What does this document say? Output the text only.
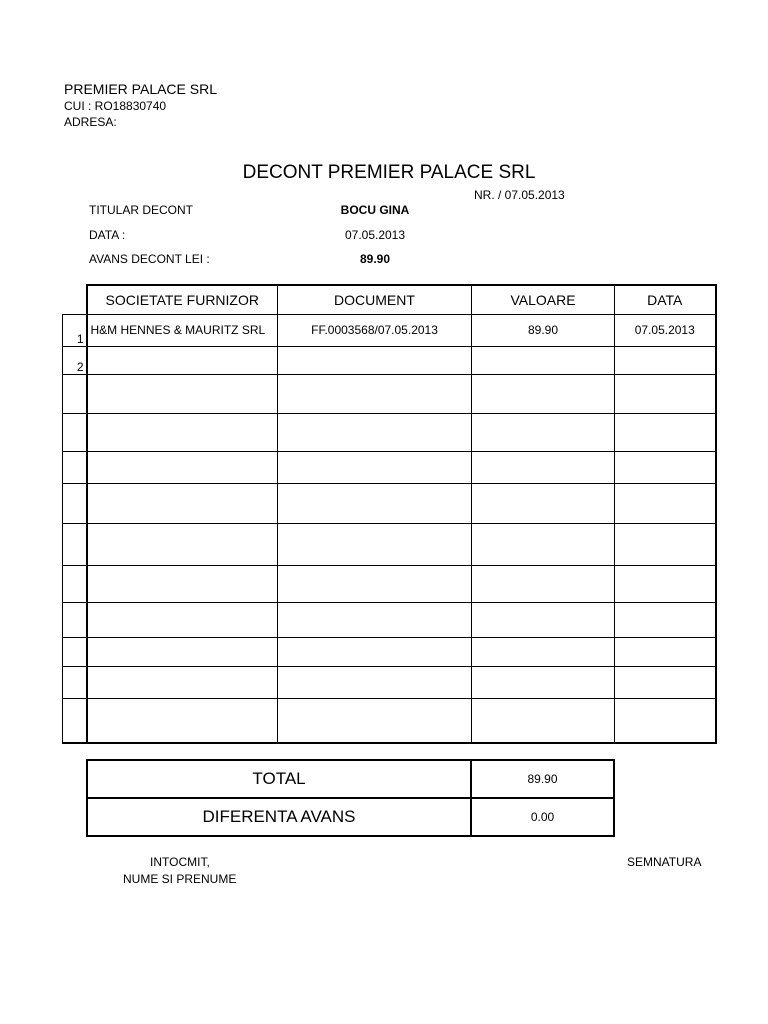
PREMIER PALACE SRL
CUI : RO18830740
ADRESA:
DECONT PREMIER PALACE SRL
NR. / 07.05.2013
TITULAR DECONT	BOCU GINA
DATA :	07.05.2013
AVANS DECONT LEI :	89.90
	SOCIETATE FURNIZOR	DOCUMENT	VALOARE	DATA
1	H&M HENNES & MAURITZ SRL	FF.0003568/07.05.2013	89.90	07.05.2013
2				

TOTAL	89.90
DIFERENTA AVANS	0.00
INTOCMIT,
NUME SI PRENUME
SEMNATURA
